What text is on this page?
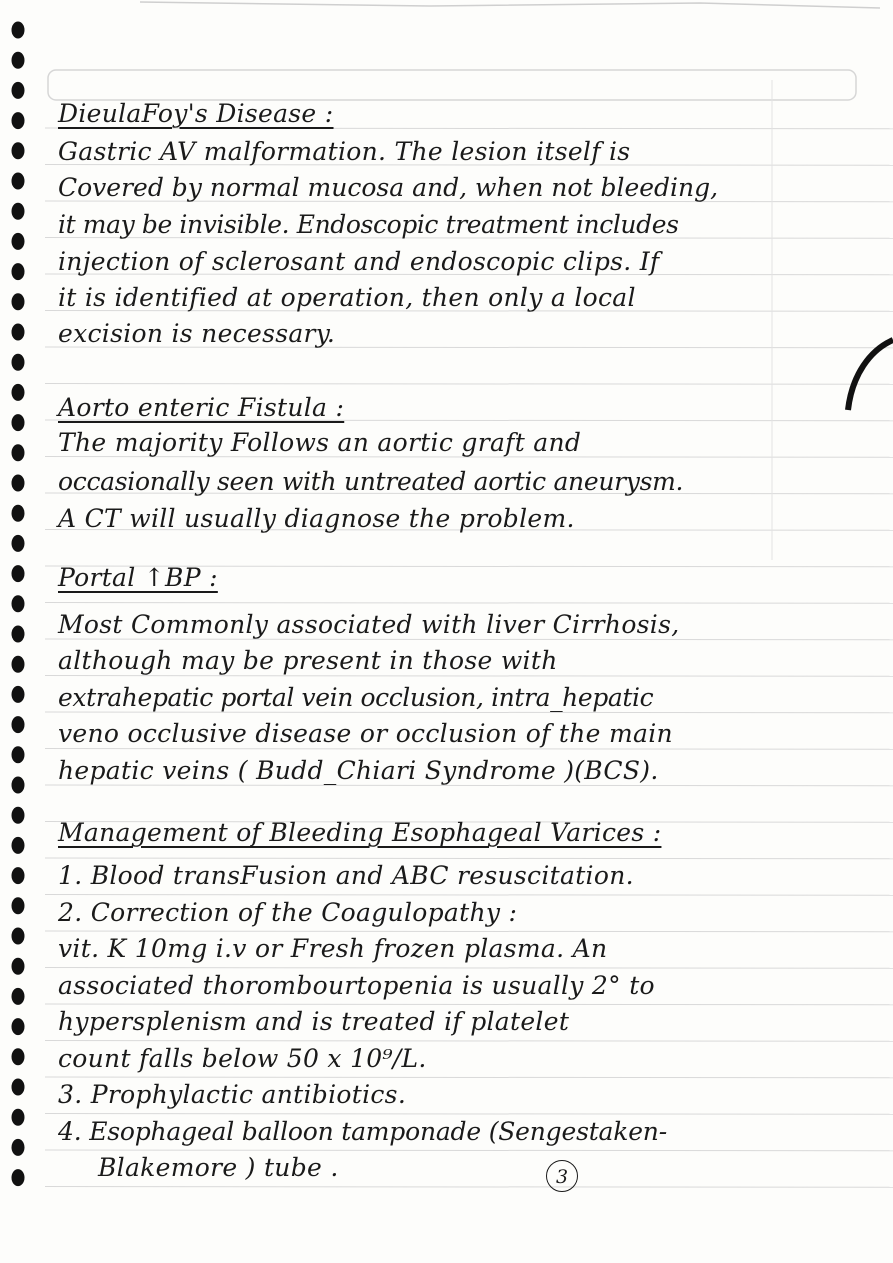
DieulaFoy's Disease :
Gastric AV malformation. The lesion itself is
Covered by normal mucosa and, when not bleeding,
it may be invisible. Endoscopic treatment includes
injection of sclerosant and endoscopic clips. If
it is identified at operation, then only a local
excision is necessary.
Aorto enteric Fistula :
The majority Follows an aortic graft and
occasionally seen with untreated aortic aneurysm.
A CT will usually diagnose the problem.
Portal ↑BP :
Most Commonly associated with liver Cirrhosis,
although may be present in those with
extrahepatic portal vein occlusion, intra_hepatic
veno occlusive disease or occlusion of the main
hepatic veins ( Budd_Chiari Syndrome )(BCS).
Management of Bleeding Esophageal Varices :
1. Blood transFusion and ABC resuscitation.
2. Correction of the Coagulopathy :
vit. K 10mg i.v or Fresh frozen plasma. An
associated thorombourtopenia is usually 2° to
hypersplenism and is treated if platelet
count falls below 50 x 10⁹/L.
3. Prophylactic antibiotics.
4. Esophageal balloon tamponade (Sengestaken-
Blakemore ) tube .	3
